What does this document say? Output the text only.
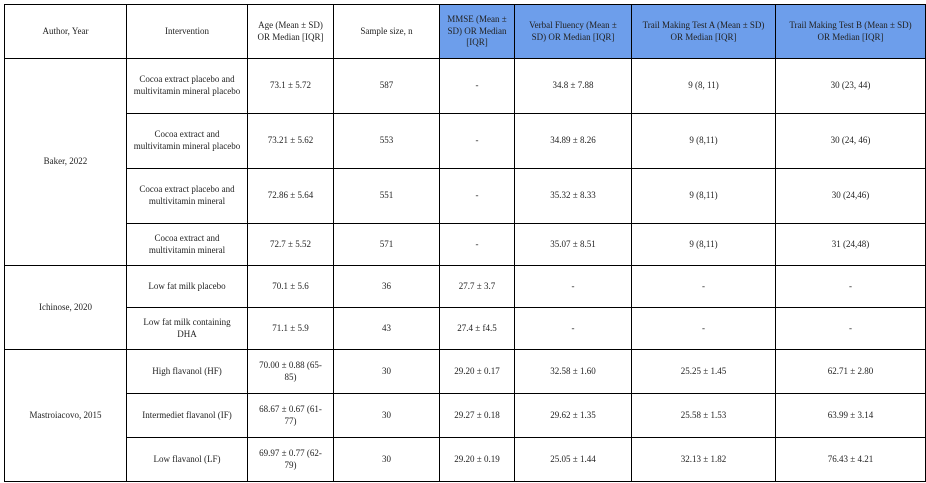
Author, Year	Intervention	Age (Mean ± SD) OR Median [IQR]	Sample size, n	MMSE (Mean ± SD) OR Median [IQR]	Verbal Fluency (Mean ± SD) OR Median [IQR]	Trail Making Test A (Mean ± SD) OR Median [IQR]	Trail Making Test B (Mean ± SD) OR Median [IQR]
Baker, 2022	Cocoa extract placebo and multivitamin mineral placebo	73.1 ± 5.72	587	-	34.8 ± 7.88	9 (8, 11)	30 (23, 44)
	Cocoa extract and multivitamin mineral placebo	73.21 ± 5.62	553	-	34.89 ± 8.26	9 (8,11)	30 (24, 46)
	Cocoa extract placebo and multivitamin mineral	72.86 ± 5.64	551	-	35.32 ± 8.33	9 (8,11)	30 (24,46)
	Cocoa extract and multivitamin mineral	72.7 ± 5.52	571	-	35.07 ± 8.51	9 (8,11)	31 (24,48)
Ichinose, 2020	Low fat milk placebo	70.1 ± 5.6	36	27.7 ± 3.7	-	-	-
	Low fat milk containing DHA	71.1 ± 5.9	43	27.4 ± f4.5	-	-	-
Mastroiacovo, 2015	High flavanol (HF)	70.00 ± 0.88 (65-85)	30	29.20 ± 0.17	32.58 ± 1.60	25.25 ± 1.45	62.71 ± 2.80
	Intermediet flavanol (IF)	68.67 ± 0.67 (61-77)	30	29.27 ± 0.18	29.62 ± 1.35	25.58 ± 1.53	63.99 ± 3.14
	Low flavanol (LF)	69.97 ± 0.77 (62-79)	30	29.20 ± 0.19	25.05 ± 1.44	32.13 ± 1.82	76.43 ± 4.21
